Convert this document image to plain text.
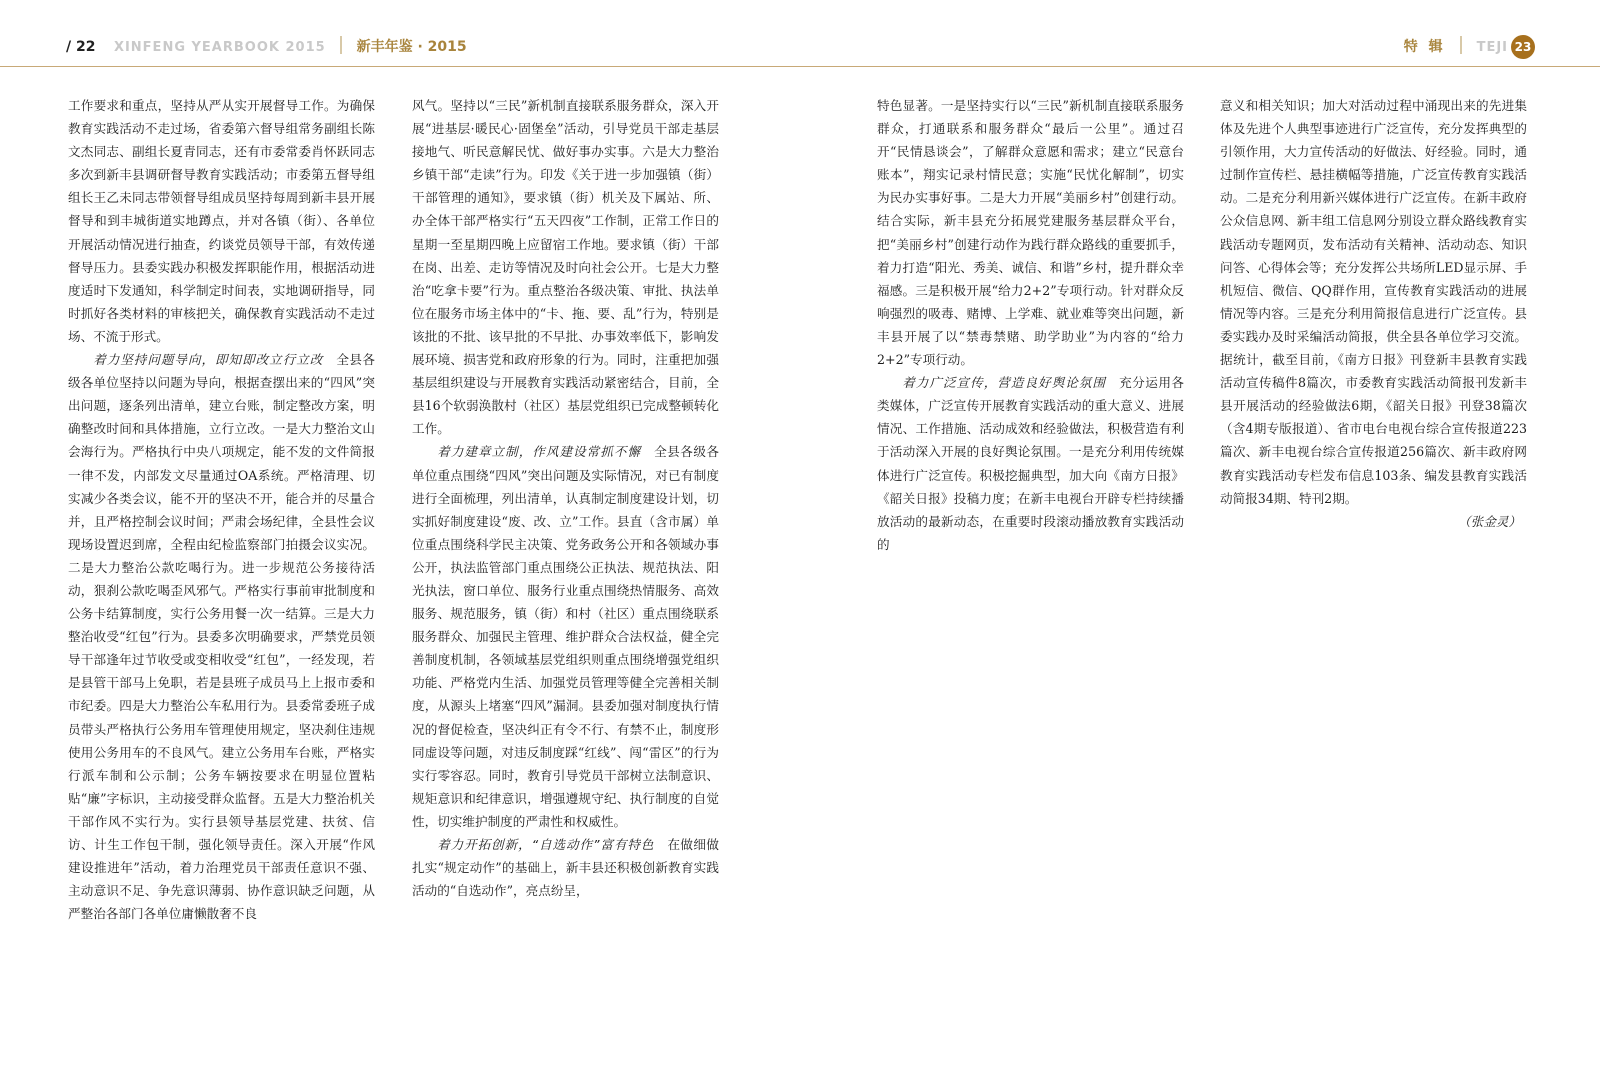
/ 22 XINFENG YEARBOOK 2015 新丰年鉴 · 2015	特 辑 TEJI 23

工作要求和重点，坚持从严从实开展督导工作。为确保教育实践活动不走过场，省委第六督导组常务副组长陈文杰同志、副组长夏青同志，还有市委常委肖怀跃同志多次到新丰县调研督导教育实践活动；市委第五督导组组长王乙未同志带领督导组成员坚持每周到新丰县开展督导和到丰城街道实地蹲点，并对各镇（街）、各单位开展活动情况进行抽查，约谈党员领导干部，有效传递督导压力。县委实践办积极发挥职能作用，根据活动进度适时下发通知，科学制定时间表，实地调研指导，同时抓好各类材料的审核把关，确保教育实践活动不走过场、不流于形式。

着力坚持问题导向，即知即改立行立改　 全县各级各单位坚持以问题为导向，根据查摆出来的“四风”突出问题，逐条列出清单，建立台账，制定整改方案，明确整改时间和具体措施，立行立改。一是大力整治文山会海行为。严格执行中央八项规定，能不发的文件简报一律不发，内部发文尽量通过OA系统。严格清理、切实减少各类会议，能不开的坚决不开，能合并的尽量合并，且严格控制会议时间；严肃会场纪律，全县性会议现场设置迟到席，全程由纪检监察部门拍摄会议实况。二是大力整治公款吃喝行为。进一步规范公务接待活动，狠刹公款吃喝歪风邪气。严格实行事前审批制度和公务卡结算制度，实行公务用餐一次一结算。三是大力整治收受“红包”行为。县委多次明确要求，严禁党员领导干部逢年过节收受或变相收受“红包”，一经发现，若是县管干部马上免职，若是县班子成员马上上报市委和市纪委。四是大力整治公车私用行为。县委常委班子成员带头严格执行公务用车管理使用规定，坚决刹住违规使用公务用车的不良风气。建立公务用车台账，严格实行派车制和公示制；公务车辆按要求在明显位置粘贴“廉”字标识，主动接受群众监督。五是大力整治机关干部作风不实行为。实行县领导基层党建、扶贫、信访、计生工作包干制，强化领导责任。深入开展“作风建设推进年”活动，着力治理党员干部责任意识不强、主动意识不足、争先意识薄弱、协作意识缺乏问题，从严整治各部门各单位庸懒散奢不良

风气。坚持以“三民”新机制直接联系服务群众，深入开展“进基层·暖民心·固堡垒”活动，引导党员干部走基层接地气、听民意解民忧、做好事办实事。六是大力整治乡镇干部“走读”行为。印发《关于进一步加强镇（街）干部管理的通知》，要求镇（街）机关及下属站、所、办全体干部严格实行“五天四夜”工作制，正常工作日的星期一至星期四晚上应留宿工作地。要求镇（街）干部在岗、出差、走访等情况及时向社会公开。七是大力整治“吃拿卡要”行为。重点整治各级决策、审批、执法单位在服务市场主体中的“卡、拖、要、乱”行为，特别是该批的不批、该早批的不早批、办事效率低下，影响发展环境、损害党和政府形象的行为。同时，注重把加强基层组织建设与开展教育实践活动紧密结合，目前，全县16个软弱涣散村（社区）基层党组织已完成整顿转化工作。

着力建章立制，作风建设常抓不懈　 全县各级各单位重点围绕“四风”突出问题及实际情况，对已有制度进行全面梳理，列出清单，认真制定制度建设计划，切实抓好制度建设“废、改、立”工作。县直（含市属）单位重点围绕科学民主决策、党务政务公开和各领域办事公开，执法监管部门重点围绕公正执法、规范执法、阳光执法，窗口单位、服务行业重点围绕热情服务、高效服务、规范服务，镇（街）和村（社区）重点围绕联系服务群众、加强民主管理、维护群众合法权益，健全完善制度机制，各领域基层党组织则重点围绕增强党组织功能、严格党内生活、加强党员管理等健全完善相关制度，从源头上堵塞“四风”漏洞。县委加强对制度执行情况的督促检查，坚决纠正有令不行、有禁不止，制度形同虚设等问题，对违反制度踩“红线”、闯“雷区”的行为实行零容忍。同时，教育引导党员干部树立法制意识、规矩意识和纪律意识，增强遵规守纪、执行制度的自觉性，切实维护制度的严肃性和权威性。

着力开拓创新，“自选动作”富有特色　 在做细做扎实“规定动作”的基础上，新丰县还积极创新教育实践活动的“自选动作”，亮点纷呈，

特色显著。一是坚持实行以“三民”新机制直接联系服务群众，打通联系和服务群众“最后一公里”。通过召开“民情恳谈会”，了解群众意愿和需求；建立“民意台账本”，翔实记录村情民意；实施“民忧化解制”，切实为民办实事好事。二是大力开展“美丽乡村”创建行动。结合实际，新丰县充分拓展党建服务基层群众平台，把“美丽乡村”创建行动作为践行群众路线的重要抓手，着力打造“阳光、秀美、诚信、和谐”乡村，提升群众幸福感。三是积极开展“给力2+2”专项行动。针对群众反响强烈的吸毒、赌博、上学难、就业难等突出问题，新丰县开展了以“禁毒禁赌、助学助业”为内容的“给力2+2”专项行动。

着力广泛宣传，营造良好舆论氛围　 充分运用各类媒体，广泛宣传开展教育实践活动的重大意义、进展情况、工作措施、活动成效和经验做法，积极营造有利于活动深入开展的良好舆论氛围。一是充分利用传统媒体进行广泛宣传。积极挖掘典型，加大向《南方日报》《韶关日报》投稿力度；在新丰电视台开辟专栏持续播放活动的最新动态，在重要时段滚动播放教育实践活动的

意义和相关知识；加大对活动过程中涌现出来的先进集体及先进个人典型事迹进行广泛宣传，充分发挥典型的引领作用，大力宣传活动的好做法、好经验。同时，通过制作宣传栏、悬挂横幅等措施，广泛宣传教育实践活动。二是充分利用新兴媒体进行广泛宣传。在新丰政府公众信息网、新丰组工信息网分别设立群众路线教育实践活动专题网页，发布活动有关精神、活动动态、知识问答、心得体会等；充分发挥公共场所LED显示屏、手机短信、微信、QQ群作用，宣传教育实践活动的进展情况等内容。三是充分利用简报信息进行广泛宣传。县委实践办及时采编活动简报，供全县各单位学习交流。据统计，截至目前，《南方日报》刊登新丰县教育实践活动宣传稿件8篇次，市委教育实践活动简报刊发新丰县开展活动的经验做法6期，《韶关日报》刊登38篇次（含4期专版报道）、省市电台电视台综合宣传报道223篇次、新丰电视台综合宣传报道256篇次、新丰政府网教育实践活动专栏发布信息103条、编发县教育实践活动简报34期、特刊2期。

（张金灵）
